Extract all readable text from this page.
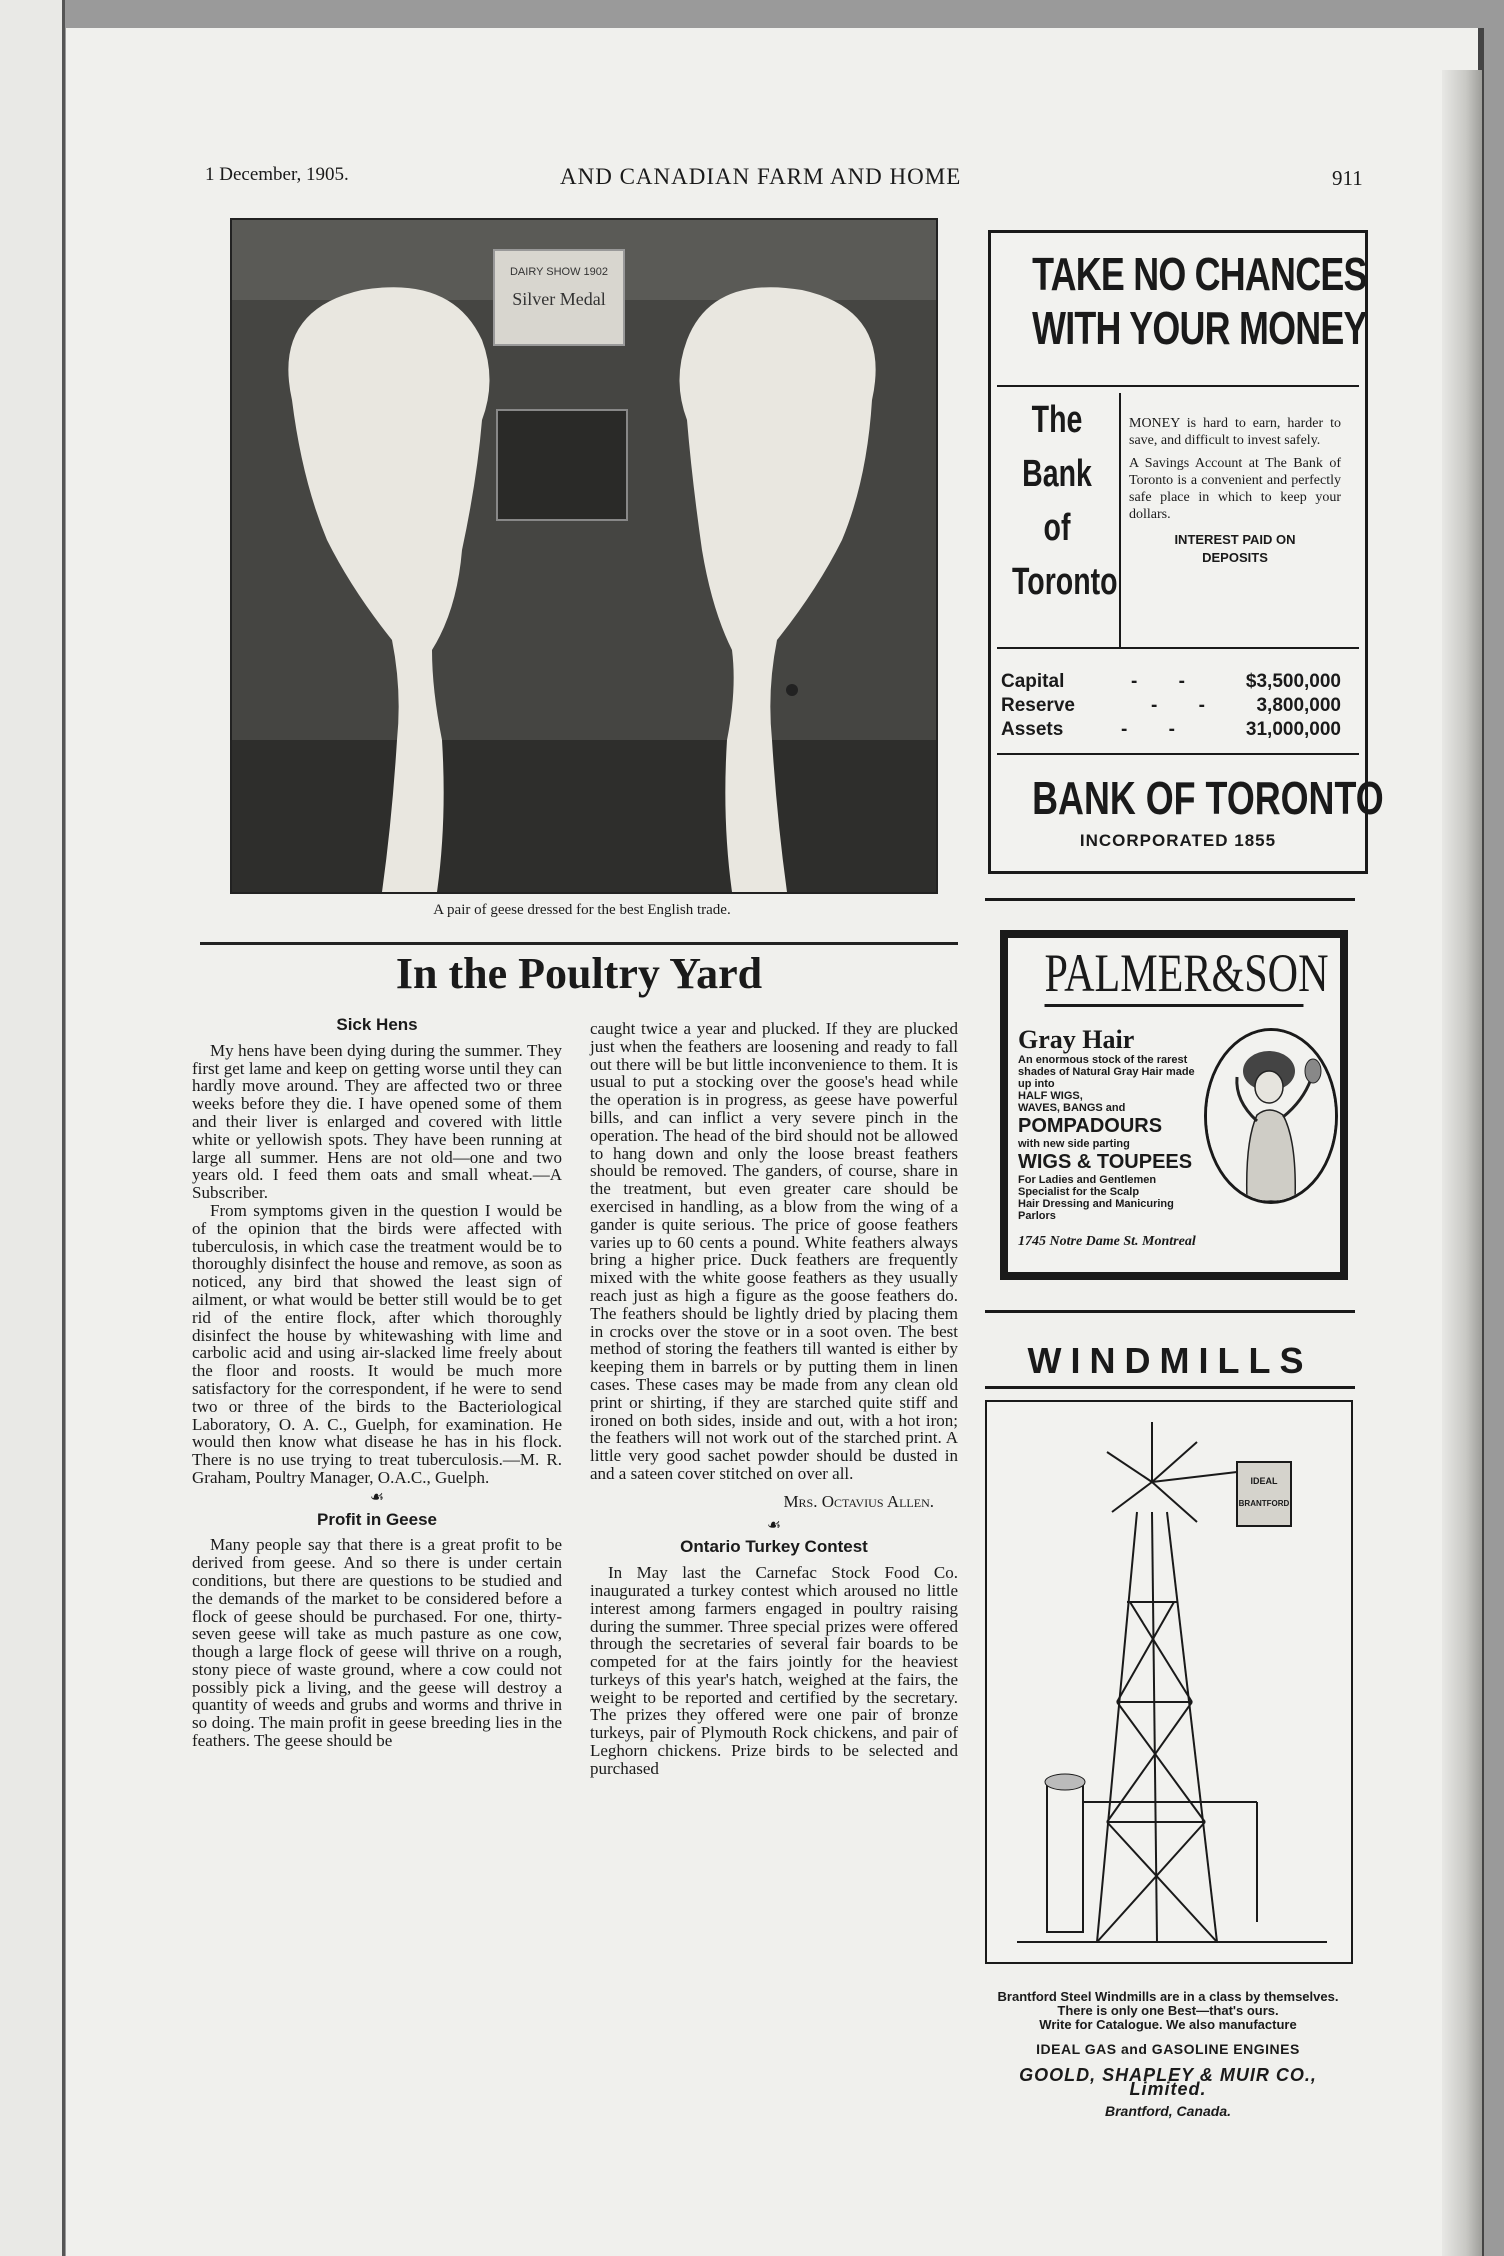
1 December, 1905.	AND CANADIAN FARM AND HOME	911
DAIRY SHOW 1902
Silver Medal
A pair of geese dressed for the best English trade.
In the Poultry Yard
Sick Hens

My hens have been dying during the summer. They first get lame and keep on getting worse until they can hardly move around. They are affected two or three weeks before they die. I have opened some of them and their liver is enlarged and covered with little white or yellowish spots. They have been running at large all summer. Hens are not old—one and two years old. I feed them oats and small wheat.—A Subscriber.

From symptoms given in the question I would be of the opinion that the birds were affected with tuberculosis, in which case the treatment would be to thoroughly disinfect the house and remove, as soon as noticed, any bird that showed the least sign of ailment, or what would be better still would be to get rid of the entire flock, after which thoroughly disinfect the house by whitewashing with lime and carbolic acid and using air-slacked lime freely about the floor and roosts. It would be much more satisfactory for the correspondent, if he were to send two or three of the birds to the Bacteriological Laboratory, O. A. C., Guelph, for examination. He would then know what disease he has in his flock. There is no use trying to treat tuberculosis.—M. R. Graham, Poultry Manager, O.A.C., Guelph.

☙
Profit in Geese

Many people say that there is a great profit to be derived from geese. And so there is under certain conditions, but there are questions to be studied and the demands of the market to be considered before a flock of geese should be purchased. For one, thirty-seven geese will take as much pasture as one cow, though a large flock of geese will thrive on a rough, stony piece of waste ground, where a cow could not possibly pick a living, and the geese will destroy a quantity of weeds and grubs and worms and thrive in so doing. The main profit in geese breeding lies in the feathers. The geese should be

caught twice a year and plucked. If they are plucked just when the feathers are loosening and ready to fall out there will be but little inconvenience to them. It is usual to put a stocking over the goose's head while the operation is in progress, as geese have powerful bills, and can inflict a very severe pinch in the operation. The head of the bird should not be allowed to hang down and only the loose breast feathers should be removed. The ganders, of course, share in the treatment, but even greater care should be exercised in handling, as a blow from the wing of a gander is quite serious. The price of goose feathers varies up to 60 cents a pound. White feathers always bring a higher price. Duck feathers are frequently mixed with the white goose feathers as they usually reach just as high a figure as the goose feathers do. The feathers should be lightly dried by placing them in crocks over the stove or in a soot oven. The best method of storing the feathers till wanted is either by keeping them in barrels or by putting them in linen cases. These cases may be made from any clean old print or shirting, if they are starched quite stiff and ironed on both sides, inside and out, with a hot iron; the feathers will not work out of the starched print. A little very good sachet powder should be dusted in and a sateen cover stitched on over all.

Mrs. Octavius Allen.
☙
Ontario Turkey Contest

In May last the Carnefac Stock Food Co. inaugurated a turkey contest which aroused no little interest among farmers engaged in poultry raising during the summer. Three special prizes were offered through the secretaries of several fair boards to be competed for at the fairs jointly for the heaviest turkeys of this year's hatch, weighed at the fairs, the weight to be reported and certified by the secretary. The prizes they offered were one pair of bronze turkeys, pair of Plymouth Rock chickens, and pair of Leghorn chickens. Prize birds to be selected and purchased

TAKE NO CHANCES
WITH YOUR MONEY
The
Bank
of
Toronto

MONEY is hard to earn, harder to save, and difficult to invest safely.

A Savings Account at The Bank of Toronto is a convenient and perfectly safe place in which to keep your dollars.

INTEREST PAID ON
DEPOSITS
Capital	- - $3,500,000
Reserve	- - 3,800,000
Assets	- -	31,000,000
BANK OF TORONTO
INCORPORATED 1855
PALMER&SON
Gray Hair
An enormous stock of the rarest shades of Natural Gray Hair made up into
HALF WIGS,
WAVES, BANGS and
POMPADOURS
with new side parting
WIGS & TOUPEES
For Ladies and Gentlemen
Specialist for the Scalp
Hair Dressing and Manicuring Parlors
1745 Notre Dame St. Montreal
WINDMILLS
IDEAL
BRANTFORD
Brantford Steel Windmills are in a class by themselves. There is only one Best—that's ours.
Write for Catalogue. We also manufacture
IDEAL GAS and GASOLINE ENGINES
GOOLD, SHAPLEY & MUIR CO., Limited.
Brantford, Canada.
